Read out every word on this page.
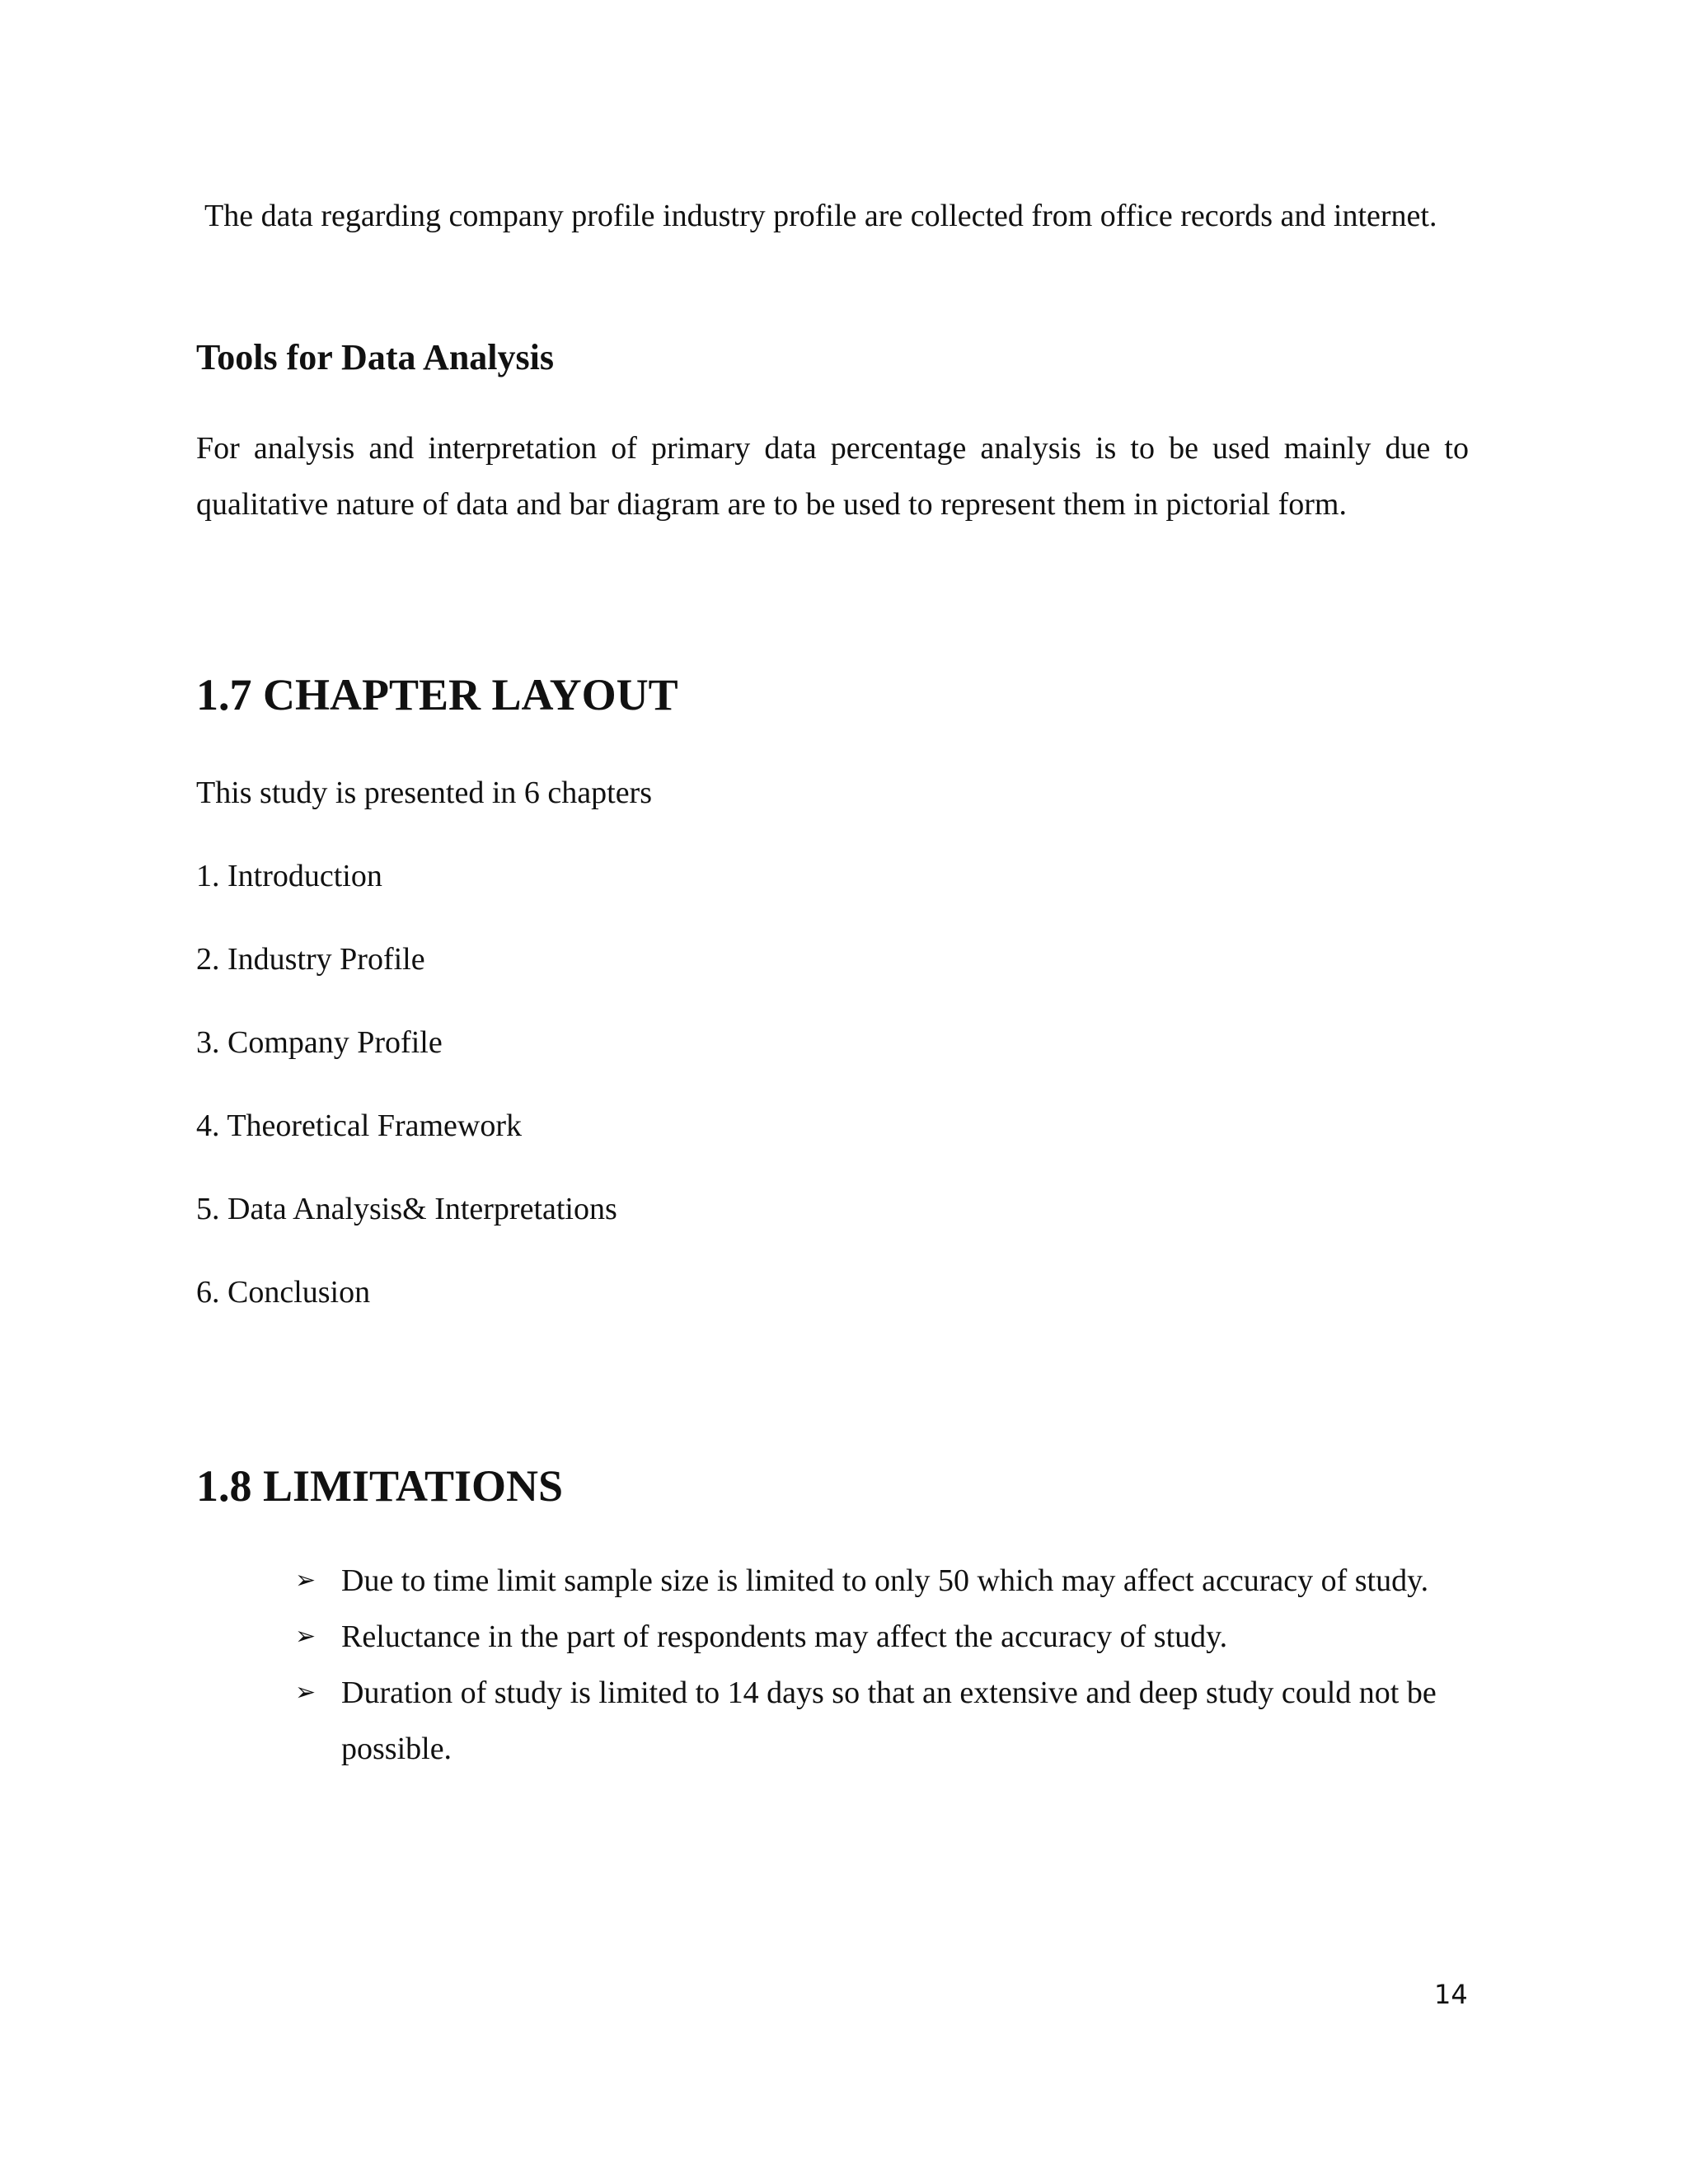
The data regarding company profile industry profile are collected from office records and internet.

Tools for Data Analysis

For analysis and interpretation of primary data percentage analysis is to be used mainly due to qualitative nature of data and bar diagram are to be used to represent them in pictorial form.

1.7 CHAPTER LAYOUT

This study is presented in 6 chapters

1. Introduction

2. Industry Profile

3. Company Profile

4. Theoretical Framework

5. Data Analysis& Interpretations

6. Conclusion

1.8 LIMITATIONS
➢ Due to time limit sample size is limited to only 50 which may affect accuracy of study.
➢ Reluctance in the part of respondents may affect the accuracy of study.
➢ Duration of study is limited to 14 days so that an extensive and deep study could not be possible.
14
